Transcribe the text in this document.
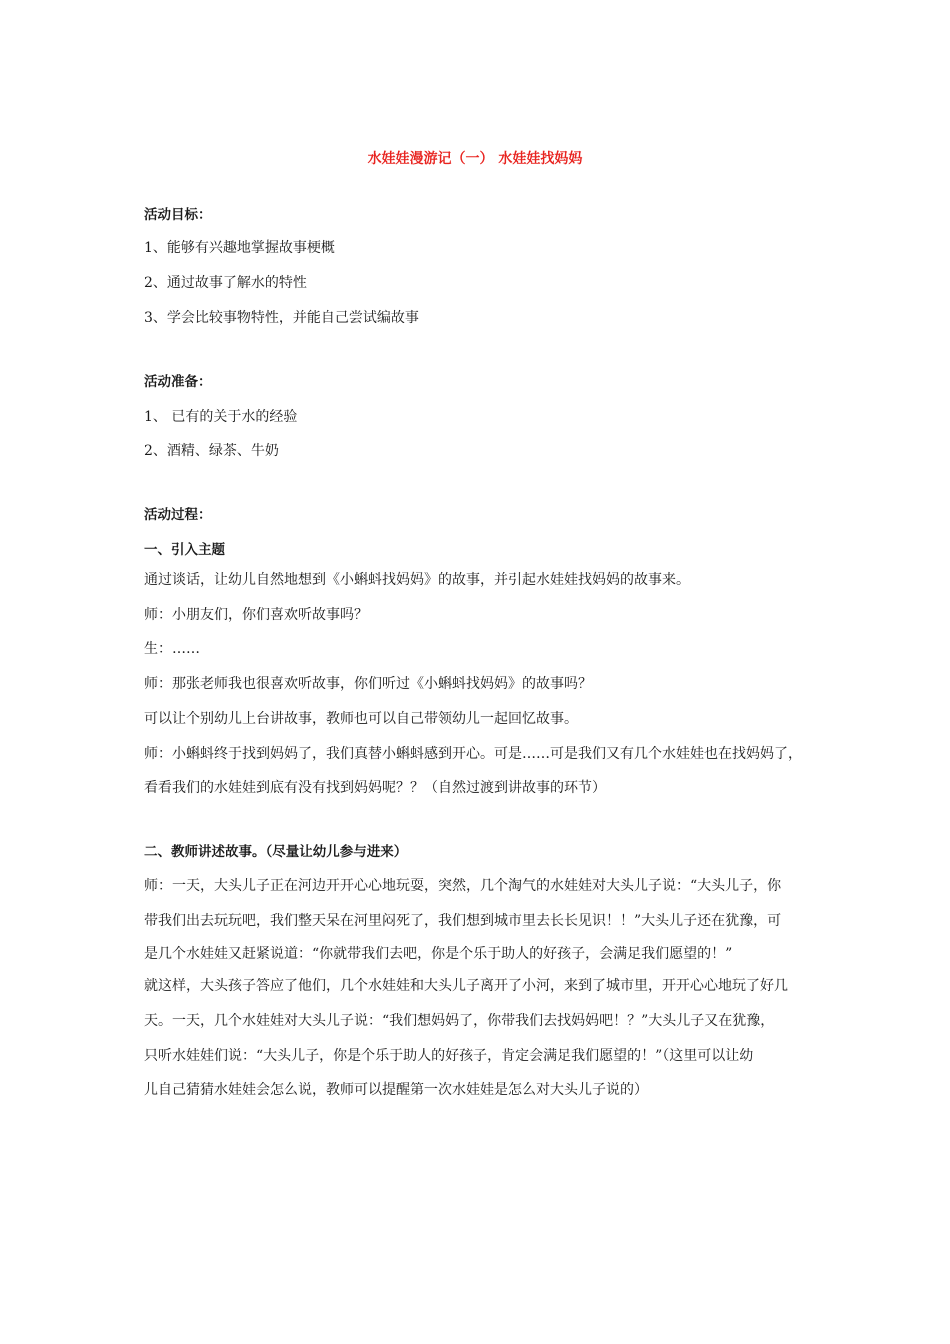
水娃娃漫游记（一） 水娃娃找妈妈
活动目标：
1、能够有兴趣地掌握故事梗概
2、通过故事了解水的特性
3、学会比较事物特性，并能自己尝试编故事
活动准备：
1、 已有的关于水的经验
2、酒精、绿茶、牛奶
活动过程：
一、引入主题
通过谈话，让幼儿自然地想到《小蝌蚪找妈妈》的故事，并引起水娃娃找妈妈的故事来。
师：小朋友们，你们喜欢听故事吗？
生：……
师：那张老师我也很喜欢听故事，你们听过《小蝌蚪找妈妈》的故事吗？
可以让个别幼儿上台讲故事，教师也可以自己带领幼儿一起回忆故事。
师：小蝌蚪终于找到妈妈了，我们真替小蝌蚪感到开心。可是……可是我们又有几个水娃娃也在找妈妈了，
看看我们的水娃娃到底有没有找到妈妈呢？？（自然过渡到讲故事的环节）
二、教师讲述故事。（尽量让幼儿参与进来）
师：一天，大头儿子正在河边开开心心地玩耍，突然，几个淘气的水娃娃对大头儿子说：“大头儿子，你
带我们出去玩玩吧，我们整天呆在河里闷死了，我们想到城市里去长长见识！！”大头儿子还在犹豫，可
是几个水娃娃又赶紧说道：“你就带我们去吧，你是个乐于助人的好孩子，会满足我们愿望的！”
就这样，大头孩子答应了他们，几个水娃娃和大头儿子离开了小河，来到了城市里，开开心心地玩了好几
天。一天，几个水娃娃对大头儿子说：“我们想妈妈了，你带我们去找妈妈吧！？”大头儿子又在犹豫，
只听水娃娃们说：“大头儿子，你是个乐于助人的好孩子，肯定会满足我们愿望的！”（这里可以让幼
儿自己猜猜水娃娃会怎么说，教师可以提醒第一次水娃娃是怎么对大头儿子说的）
